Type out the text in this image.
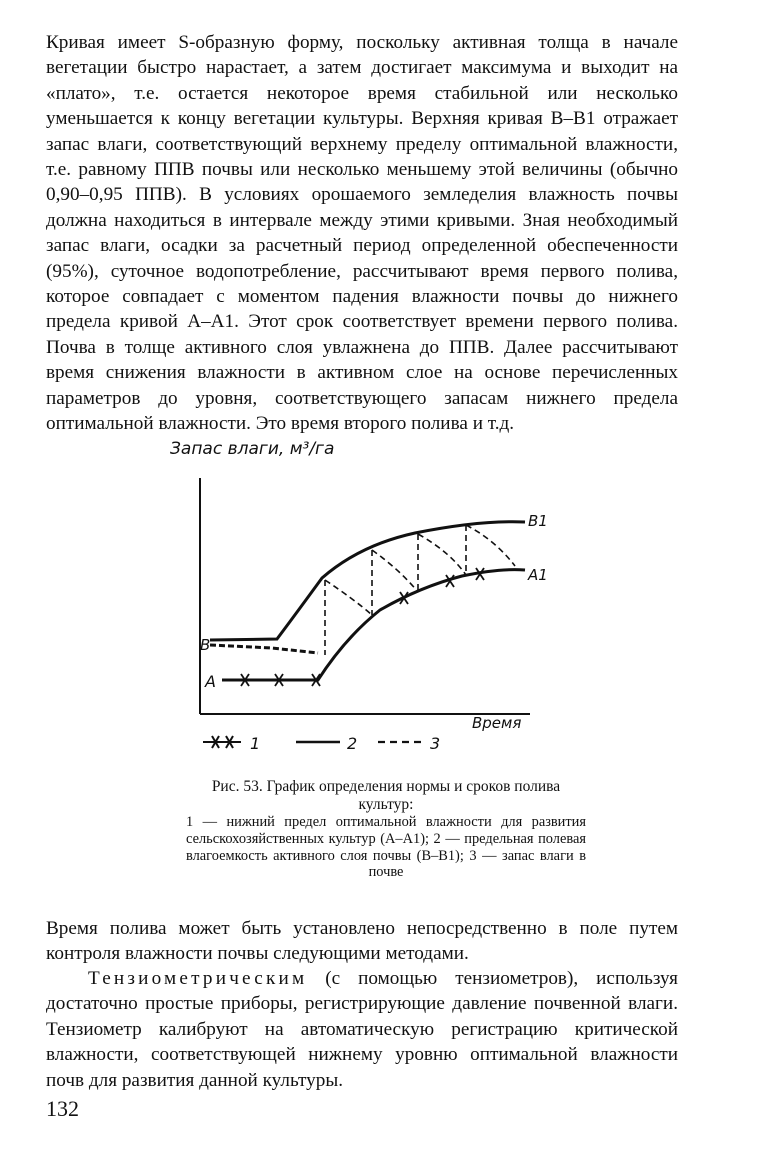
Кривая имеет S-образную форму, поскольку активная толща в начале вегетации быстро нарастает, а затем достигает максимума и выходит на «плато», т.е. остается некоторое время стабильной или несколько уменьшается к концу вегетации культуры. Верхняя кривая B–B1 отражает запас влаги, соответствующий верхнему пределу оптимальной влажности, т.е. равному ППВ почвы или несколько меньшему этой величины (обычно 0,90–0,95 ППВ). В условиях орошаемого земледелия влажность почвы должна находиться в интервале между этими кривыми. Зная необходимый запас влаги, осадки за расчетный период определенной обеспеченности (95%), суточное водопотребление, рассчитывают время первого полива, которое совпадает с моментом падения влажности почвы до нижнего предела кривой A–A1. Этот срок соответствует времени первого полива. Почва в толще активного слоя увлажнена до ППВ. Далее рассчитывают время снижения влажности в активном слое на основе перечисленных параметров до уровня, соответствующего запасам нижнего предела оптимальной влажности. Это время второго полива и т.д.

Запас влаги, м³/га
Время
B
A
B1
A1
1	2	3
Рис. 53. График определения нормы и сроков полива культур:
1 — нижний предел оптимальной влажности для развития сельскохозяйственных культур (A–A1); 2 — предельная полевая влагоемкость активного слоя почвы (B–B1); 3 — запас влаги в почве

Время полива может быть установлено непосредственно в поле путем контроля влажности почвы следующими методами.

Тензиометрическим (с помощью тензиометров), используя достаточно простые приборы, регистрирующие давление почвенной влаги. Тензиометр калибруют на автоматическую регистрацию критической влажности, соответствующей нижнему уровню оптимальной влажности почв для развития данной культуры.

132
